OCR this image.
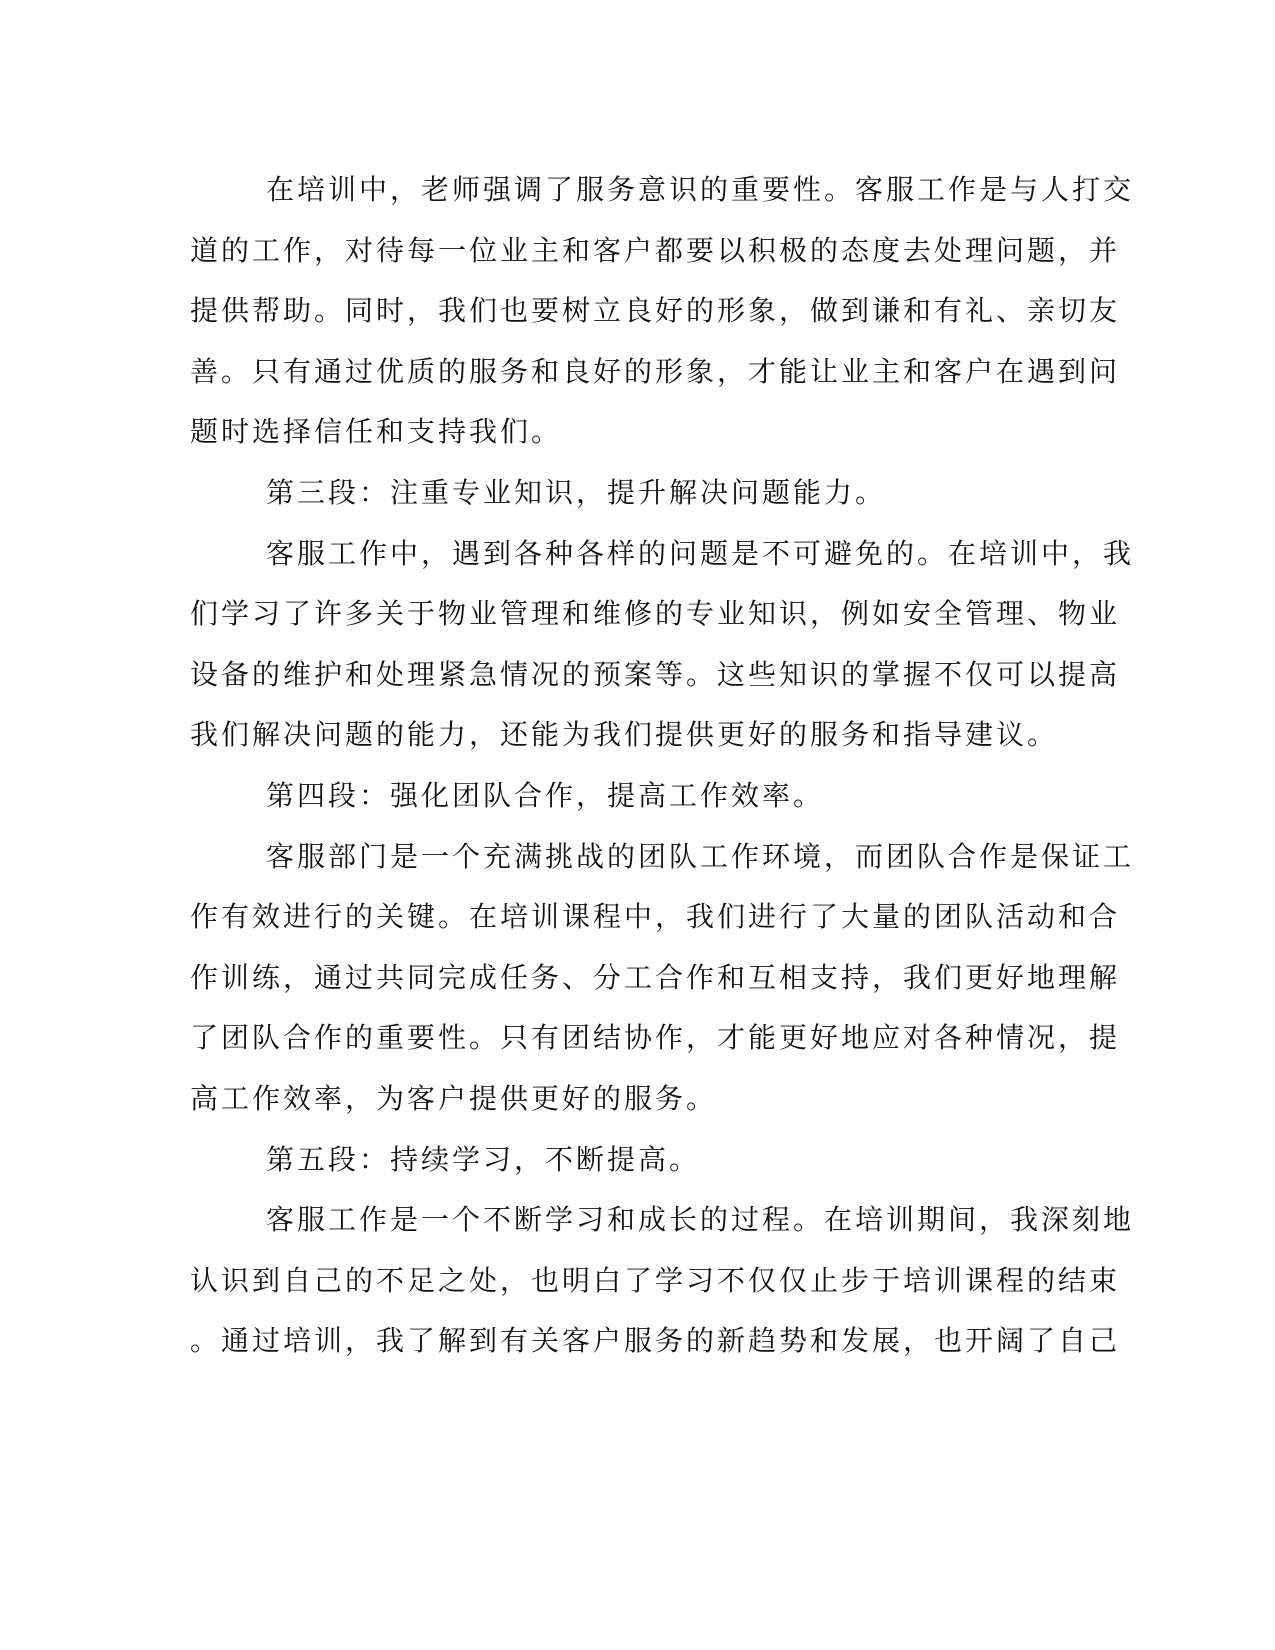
在培训中，老师强调了服务意识的重要性。客服工作是与人打交
道的工作，对待每一位业主和客户都要以积极的态度去处理问题，并
提供帮助。同时，我们也要树立良好的形象，做到谦和有礼、亲切友
善。只有通过优质的服务和良好的形象，才能让业主和客户在遇到问
题时选择信任和支持我们。
第三段：注重专业知识，提升解决问题能力。
客服工作中，遇到各种各样的问题是不可避免的。在培训中，我
们学习了许多关于物业管理和维修的专业知识，例如安全管理、物业
设备的维护和处理紧急情况的预案等。这些知识的掌握不仅可以提高
我们解决问题的能力，还能为我们提供更好的服务和指导建议。
第四段：强化团队合作，提高工作效率。
客服部门是一个充满挑战的团队工作环境，而团队合作是保证工
作有效进行的关键。在培训课程中，我们进行了大量的团队活动和合
作训练，通过共同完成任务、分工合作和互相支持，我们更好地理解
了团队合作的重要性。只有团结协作，才能更好地应对各种情况，提
高工作效率，为客户提供更好的服务。
第五段：持续学习，不断提高。
客服工作是一个不断学习和成长的过程。在培训期间，我深刻地
认识到自己的不足之处，也明白了学习不仅仅止步于培训课程的结束
。通过培训，我了解到有关客户服务的新趋势和发展，也开阔了自己
